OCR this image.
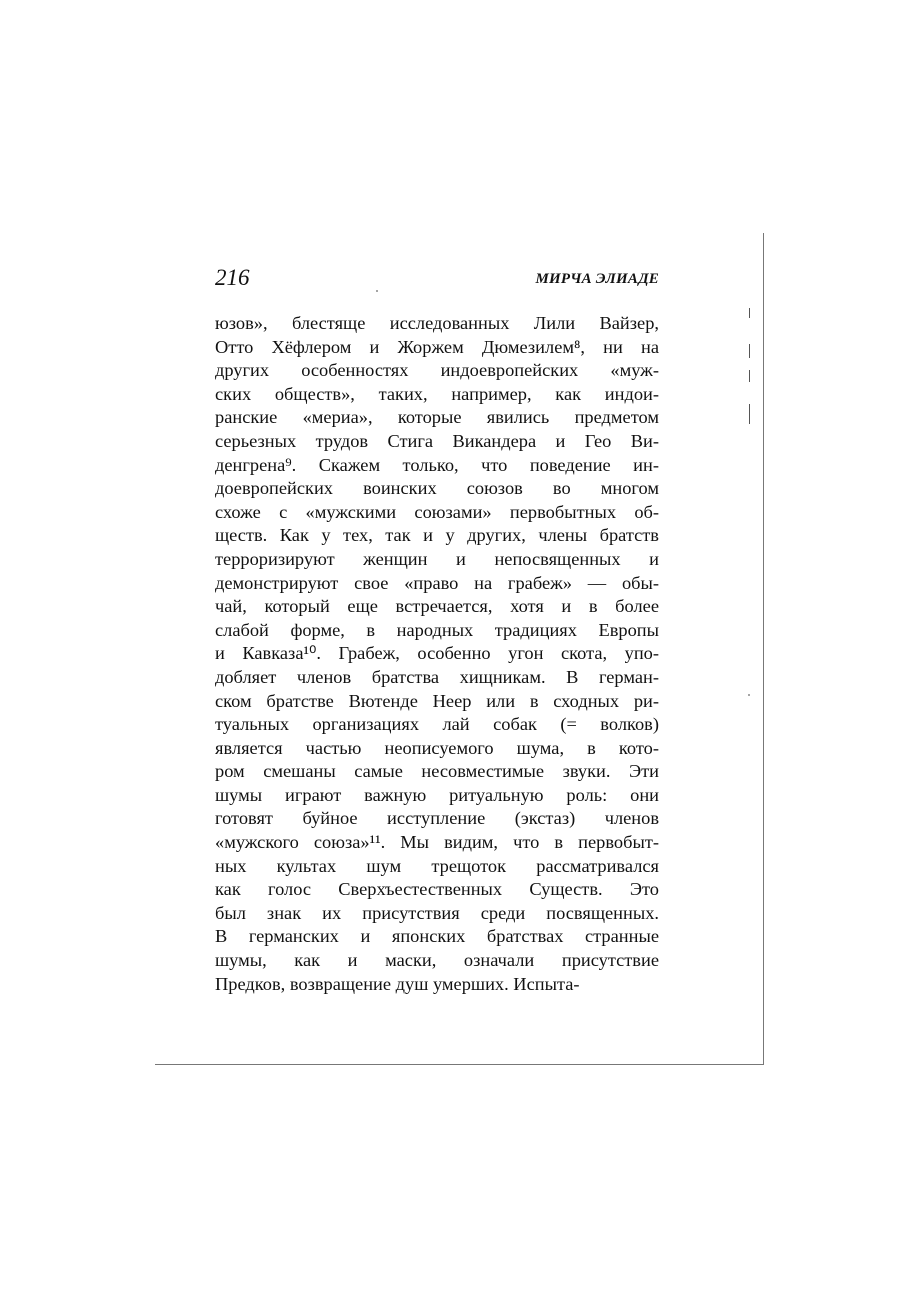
216	МИРЧА ЭЛИАДЕ
юзов», блестяще исследованных Лили Вайзер,
Отто Хёфлером и Жоржем Дюмезилем⁸, ни на
других особенностях индоевропейских «муж-
ских обществ», таких, например, как индои-
ранские «мериа», которые явились предметом
серьезных трудов Стига Викандера и Гео Ви-
денгрена⁹. Скажем только, что поведение ин-
доевропейских воинских союзов во многом
схоже с «мужскими союзами» первобытных об-
ществ. Как у тех, так и у других, члены братств
терроризируют женщин и непосвященных и
демонстрируют свое «право на грабеж» — обы-
чай, который еще встречается, хотя и в более
слабой форме, в народных традициях Европы
и Кавказа¹⁰. Грабеж, особенно угон скота, упо-
добляет членов братства хищникам. В герман-
ском братстве Вютенде Неер или в сходных ри-
туальных организациях лай собак (= волков)
является частью неописуемого шума, в кото-
ром смешаны самые несовместимые звуки. Эти
шумы играют важную ритуальную роль: они
готовят буйное исступление (экстаз) членов
«мужского союза»¹¹. Мы видим, что в первобыт-
ных культах шум трещоток рассматривался
как голос Сверхъестественных Существ. Это
был знак их присутствия среди посвященных.
В германских и японских братствах странные
шумы, как и маски, означали присутствие
Предков, возвращение душ умерших. Испыта-
